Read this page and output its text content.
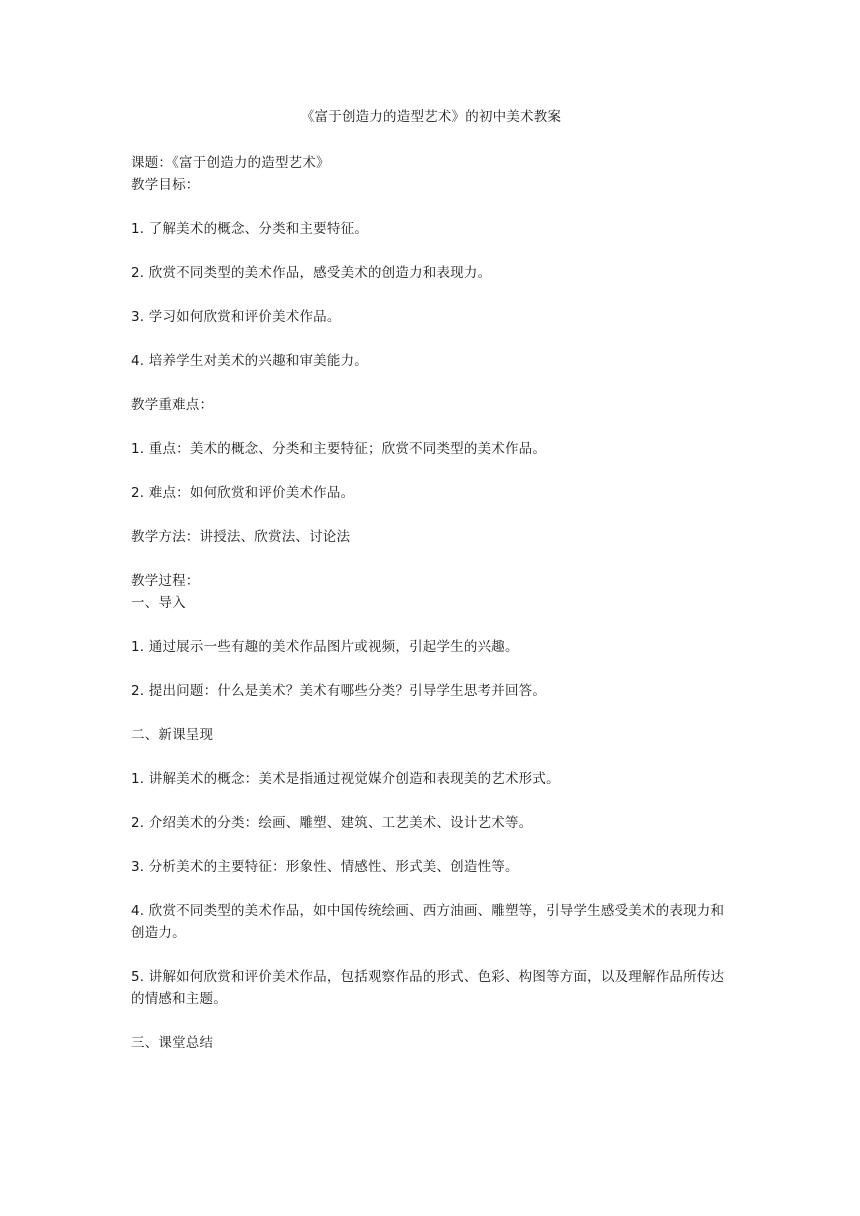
《富于创造力的造型艺术》的初中美术教案

课题：《富于创造力的造型艺术》

教学目标：

1. 了解美术的概念、分类和主要特征。

2. 欣赏不同类型的美术作品，感受美术的创造力和表现力。

3. 学习如何欣赏和评价美术作品。

4. 培养学生对美术的兴趣和审美能力。

教学重难点：

1. 重点：美术的概念、分类和主要特征；欣赏不同类型的美术作品。

2. 难点：如何欣赏和评价美术作品。

教学方法：讲授法、欣赏法、讨论法

教学过程：

一、导入

1. 通过展示一些有趣的美术作品图片或视频，引起学生的兴趣。

2. 提出问题：什么是美术？美术有哪些分类？引导学生思考并回答。

二、新课呈现

1. 讲解美术的概念：美术是指通过视觉媒介创造和表现美的艺术形式。

2. 介绍美术的分类：绘画、雕塑、建筑、工艺美术、设计艺术等。

3. 分析美术的主要特征：形象性、情感性、形式美、创造性等。

4. 欣赏不同类型的美术作品，如中国传统绘画、西方油画、雕塑等，引导学生感受美术的表现力和创造力。

5. 讲解如何欣赏和评价美术作品，包括观察作品的形式、色彩、构图等方面，以及理解作品所传达的情感和主题。

三、课堂总结
